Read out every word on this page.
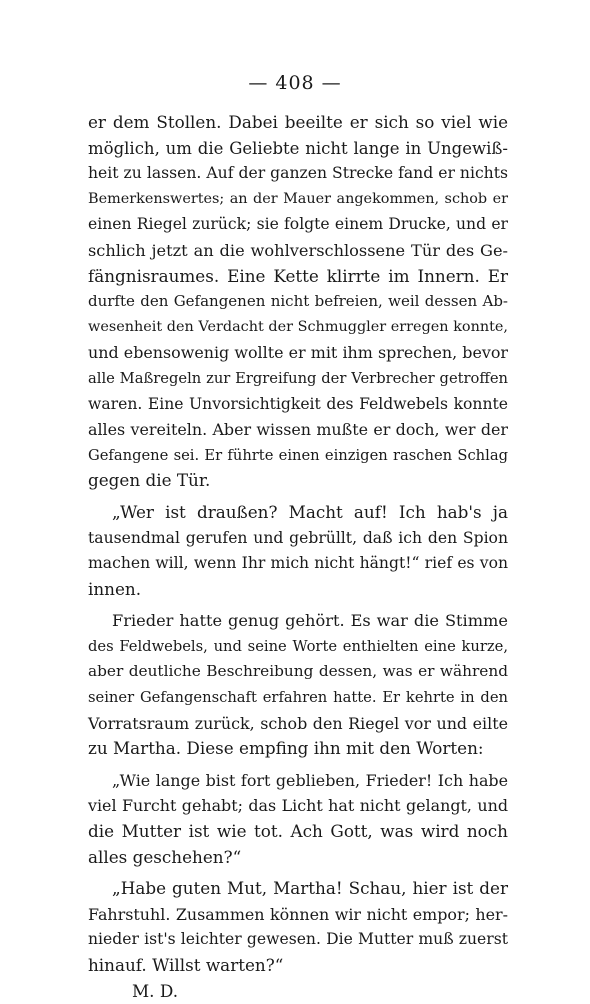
— 408 —
er dem Stollen. Dabei beeilte er sich so viel wie
möglich, um die Geliebte nicht lange in Ungewiß-
heit zu lassen. Auf der ganzen Strecke fand er nichts
Bemerkenswertes; an der Mauer angekommen, schob er
einen Riegel zurück; sie folgte einem Drucke, und er
schlich jetzt an die wohlverschlossene Tür des Ge-
fängnisraumes. Eine Kette klirrte im Innern. Er
durfte den Gefangenen nicht befreien, weil dessen Ab-
wesenheit den Verdacht der Schmuggler erregen konnte,
und ebensowenig wollte er mit ihm sprechen, bevor
alle Maßregeln zur Ergreifung der Verbrecher getroffen
waren. Eine Unvorsichtigkeit des Feldwebels konnte
alles vereiteln. Aber wissen mußte er doch, wer der
Gefangene sei. Er führte einen einzigen raschen Schlag
gegen die Tür.
„Wer ist draußen? Macht auf! Ich hab's ja
tausendmal gerufen und gebrüllt, daß ich den Spion
machen will, wenn Ihr mich nicht hängt!“ rief es von
innen.
Frieder hatte genug gehört. Es war die Stimme
des Feldwebels, und seine Worte enthielten eine kurze,
aber deutliche Beschreibung dessen, was er während
seiner Gefangenschaft erfahren hatte. Er kehrte in den
Vorratsraum zurück, schob den Riegel vor und eilte
zu Martha. Diese empfing ihn mit den Worten:
„Wie lange bist fort geblieben, Frieder! Ich habe
viel Furcht gehabt; das Licht hat nicht gelangt, und
die Mutter ist wie tot. Ach Gott, was wird noch
alles geschehen?“
„Habe guten Mut, Martha! Schau, hier ist der
Fahrstuhl. Zusammen können wir nicht empor; her-
nieder ist's leichter gewesen. Die Mutter muß zuerst
hinauf. Willst warten?“
M. D.
